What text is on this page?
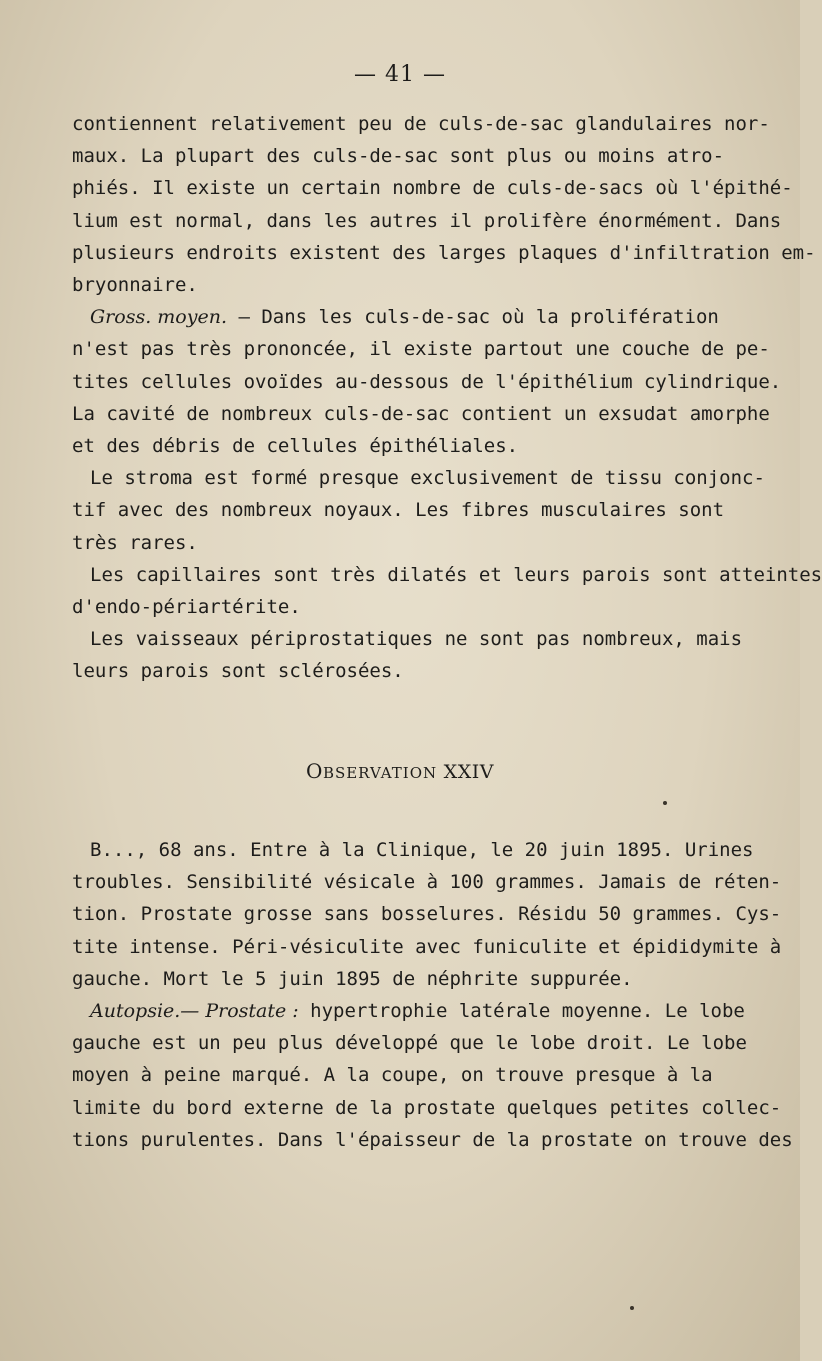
— 41 —
contiennent relativement peu de culs-de-sac glandulaires nor-
maux. La plupart des culs-de-sac sont plus ou moins atro-
phiés. Il existe un certain nombre de culs-de-sacs où l'épithé-
lium est normal, dans les autres il prolifère énormément. Dans
plusieurs endroits existent des larges plaques d'infiltration em-
bryonnaire.
Gross. moyen. — Dans les culs-de-sac où la prolifération
n'est pas très prononcée, il existe partout une couche de pe-
tites cellules ovoïdes au-dessous de l'épithélium cylindrique.
La cavité de nombreux culs-de-sac contient un exsudat amorphe
et des débris de cellules épithéliales.
Le stroma est formé presque exclusivement de tissu conjonc-
tif avec des nombreux noyaux. Les fibres musculaires sont
très rares.
Les capillaires sont très dilatés et leurs parois sont atteintes
d'endo-périartérite.
Les vaisseaux périprostatiques ne sont pas nombreux, mais
leurs parois sont sclérosées.
OBSERVATION XXIV
B..., 68 ans. Entre à la Clinique, le 20 juin 1895. Urines
troubles. Sensibilité vésicale à 100 grammes. Jamais de réten-
tion. Prostate grosse sans bosselures. Résidu 50 grammes. Cys-
tite intense. Péri-vésiculite avec funiculite et épididymite à
gauche. Mort le 5 juin 1895 de néphrite suppurée.
Autopsie.— Prostate : hypertrophie latérale moyenne. Le lobe
gauche est un peu plus développé que le lobe droit. Le lobe
moyen à peine marqué. A la coupe, on trouve presque à la
limite du bord externe de la prostate quelques petites collec-
tions purulentes. Dans l'épaisseur de la prostate on trouve des
